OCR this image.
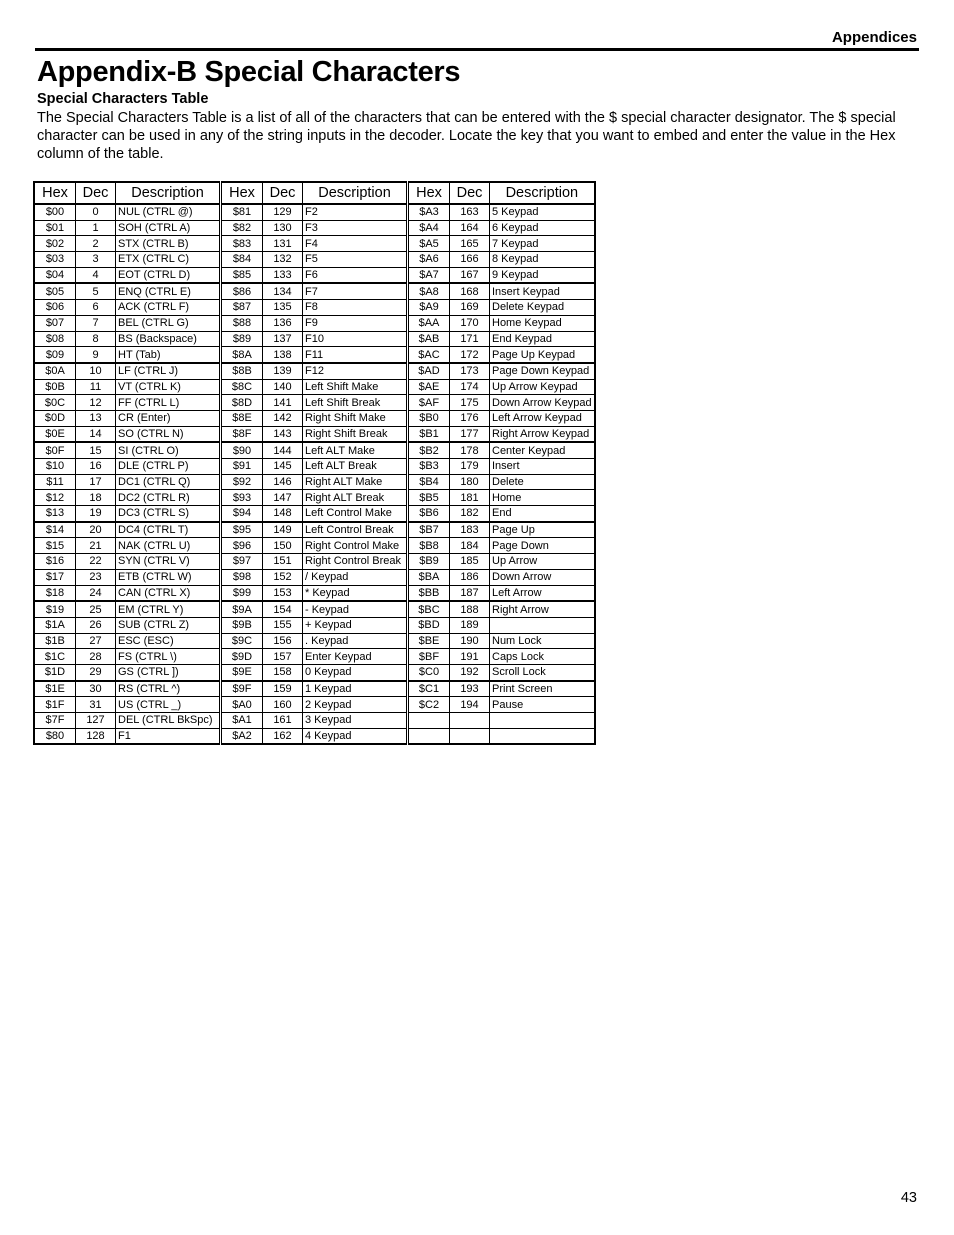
Appendices
Appendix-B Special Characters
Special Characters Table

The Special Characters Table is a list of all of the characters that can be entered with the $ special character designator. The $ special character can be used in any of the string inputs in the decoder. Locate the key that you want to embed and enter the value in the Hex column of the table.

Hex	Dec	Description	Hex	Dec	Description	Hex	Dec	Description
$00	0	NUL (CTRL @)	$81	129	F2	$A3	163	5 Keypad
$01	1	SOH (CTRL A)	$82	130	F3	$A4	164	6 Keypad
$02	2	STX (CTRL B)	$83	131	F4	$A5	165	7 Keypad
$03	3	ETX (CTRL C)	$84	132	F5	$A6	166	8 Keypad
$04	4	EOT (CTRL D)	$85	133	F6	$A7	167	9 Keypad
$05	5	ENQ (CTRL E)	$86	134	F7	$A8	168	Insert Keypad
$06	6	ACK (CTRL F)	$87	135	F8	$A9	169	Delete Keypad
$07	7	BEL (CTRL G)	$88	136	F9	$AA	170	Home Keypad
$08	8	BS (Backspace)	$89	137	F10	$AB	171	End Keypad
$09	9	HT (Tab)	$8A	138	F11	$AC	172	Page Up Keypad
$0A	10	LF (CTRL J)	$8B	139	F12	$AD	173	Page Down Keypad
$0B	11	VT (CTRL K)	$8C	140	Left Shift Make	$AE	174	Up Arrow Keypad
$0C	12	FF (CTRL L)	$8D	141	Left Shift Break	$AF	175	Down Arrow Keypad
$0D	13	CR (Enter)	$8E	142	Right Shift Make	$B0	176	Left Arrow Keypad
$0E	14	SO (CTRL N)	$8F	143	Right Shift Break	$B1	177	Right Arrow Keypad
$0F	15	SI (CTRL O)	$90	144	Left ALT Make	$B2	178	Center Keypad
$10	16	DLE (CTRL P)	$91	145	Left ALT Break	$B3	179	Insert
$11	17	DC1 (CTRL Q)	$92	146	Right ALT Make	$B4	180	Delete
$12	18	DC2 (CTRL R)	$93	147	Right ALT Break	$B5	181	Home
$13	19	DC3 (CTRL S)	$94	148	Left Control Make	$B6	182	End
$14	20	DC4 (CTRL T)	$95	149	Left Control Break	$B7	183	Page Up
$15	21	NAK (CTRL U)	$96	150	Right Control Make	$B8	184	Page Down
$16	22	SYN (CTRL V)	$97	151	Right Control Break	$B9	185	Up Arrow
$17	23	ETB (CTRL W)	$98	152	/ Keypad	$BA	186	Down Arrow
$18	24	CAN (CTRL X)	$99	153	* Keypad	$BB	187	Left Arrow
$19	25	EM (CTRL Y)	$9A	154	- Keypad	$BC	188	Right Arrow
$1A	26	SUB (CTRL Z)	$9B	155	+ Keypad	$BD	189	
$1B	27	ESC (ESC)	$9C	156	. Keypad	$BE	190	Num Lock
$1C	28	FS (CTRL \)	$9D	157	Enter Keypad	$BF	191	Caps Lock
$1D	29	GS (CTRL ])	$9E	158	0 Keypad	$C0	192	Scroll Lock
$1E	30	RS (CTRL ^)	$9F	159	1 Keypad	$C1	193	Print Screen
$1F	31	US (CTRL _)	$A0	160	2 Keypad	$C2	194	Pause
$7F	127	DEL (CTRL BkSpc)	$A1	161	3 Keypad			
$80	128	F1	$A2	162	4 Keypad			
43
